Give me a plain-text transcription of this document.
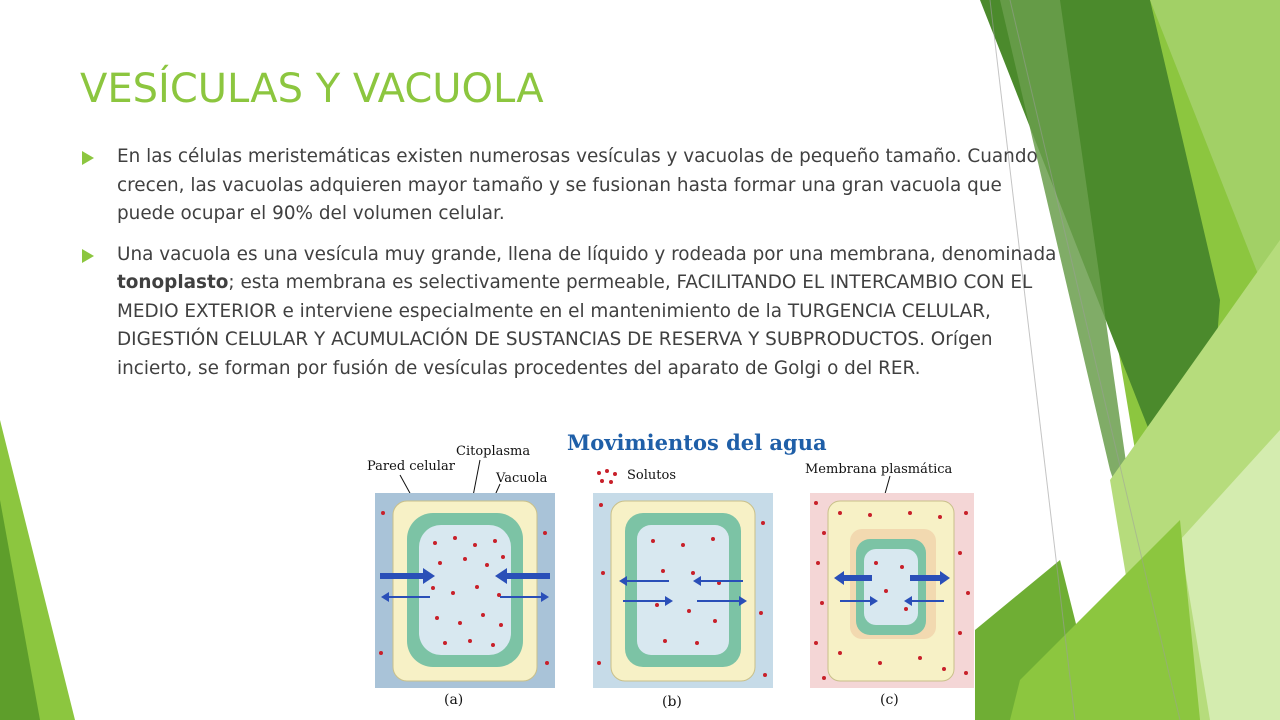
VESÍCULAS Y VACUOLA
En las células meristemáticas existen numerosas vesículas y vacuolas de pequeño tamaño. Cuando crecen, las vacuolas adquieren mayor tamaño y se fusionan hasta formar una gran vacuola que puede ocupar el 90% del volumen celular.
Una vacuola es una vesícula muy grande, llena de líquido y rodeada por una membrana, denominada tonoplasto; esta membrana es selectivamente permeable, FACILITANDO EL INTERCAMBIO CON EL MEDIO EXTERIOR e interviene especialmente en el mantenimiento de la TURGENCIA CELULAR, DIGESTIÓN CELULAR Y ACUMULACIÓN DE SUSTANCIAS DE RESERVA Y SUBPRODUCTOS. Orígen incierto, se forman por fusión de vesículas procedentes del aparato de Golgi o del RER.
Movimientos del agua
Citoplasma
Pared celular
Vacuola	Solutos	Membrana plasmática
(a)	(b)	(c)
